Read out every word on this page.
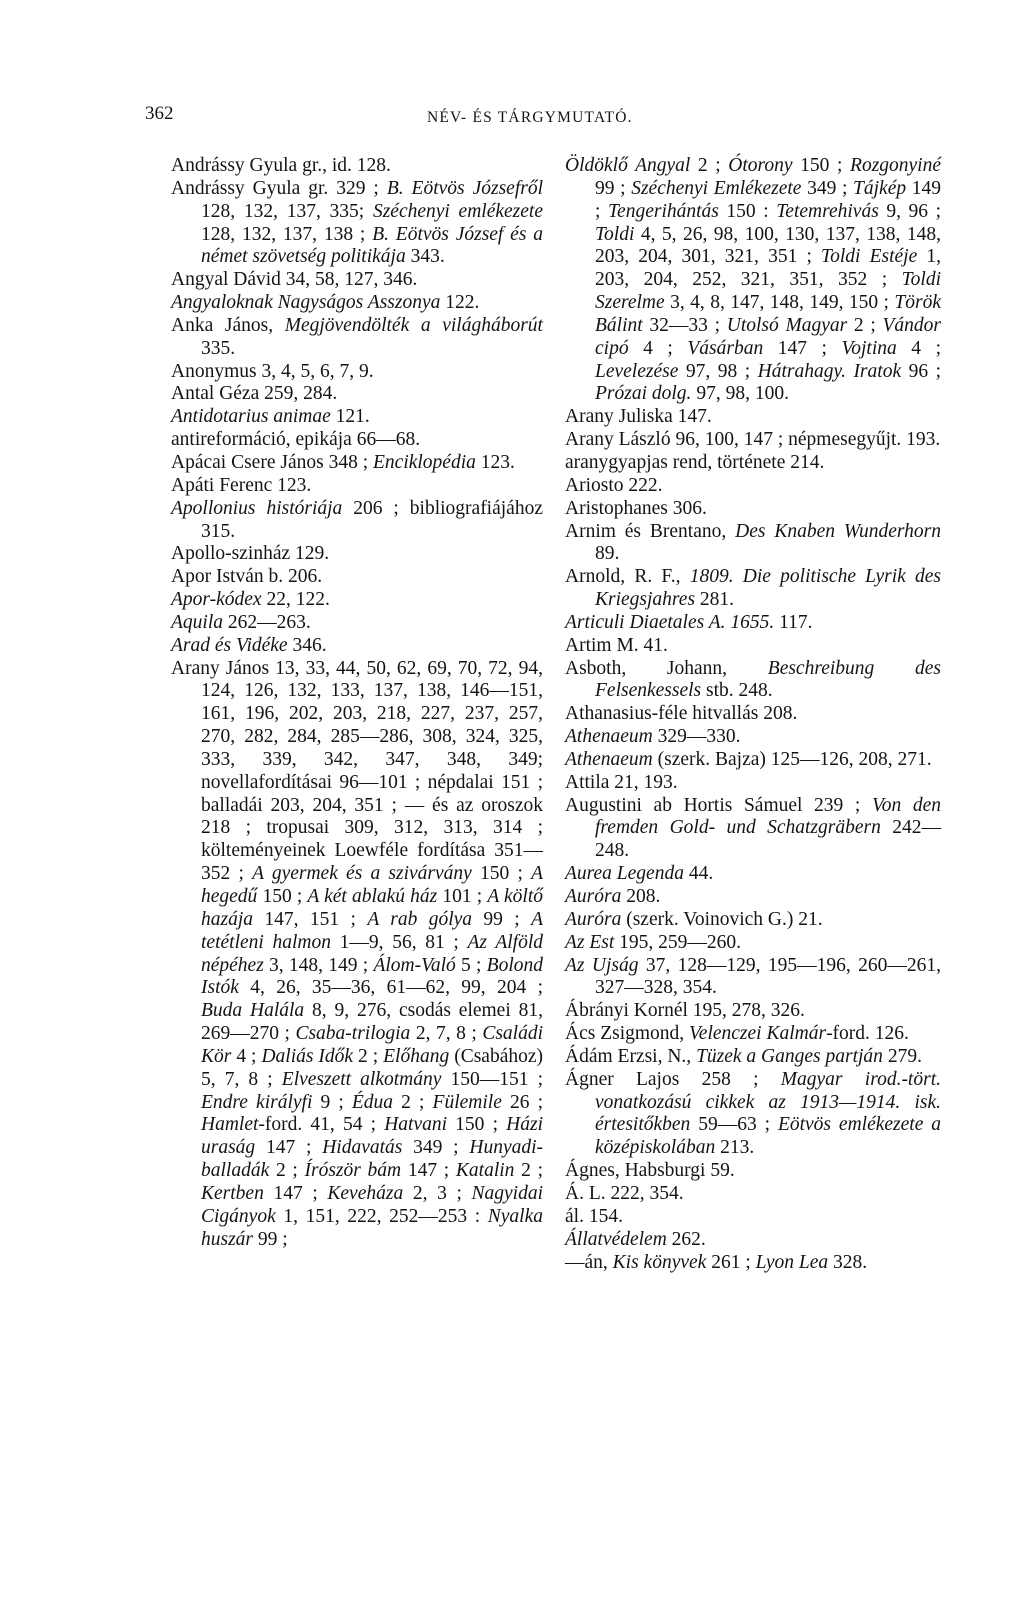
362	NÉV- ÉS TÁRGYMUTATÓ.

Andrássy Gyula gr., id. 128.

Andrássy Gyula gr. 329 ; B. Eötvös Józsefről 128, 132, 137, 335; Széchenyi emlékezete 128, 132, 137, 138 ; B. Eötvös József és a német szövetség politikája 343.

Angyal Dávid 34, 58, 127, 346.

Angyaloknak Nagyságos Asszonya 122.

Anka János, Megjövendölték a világháborút 335.

Anonymus 3, 4, 5, 6, 7, 9.

Antal Géza 259, 284.

Antidotarius animae 121.

antireformáció, epikája 66—68.

Apácai Csere János 348 ; Enciklopédia 123.

Apáti Ferenc 123.

Apollonius históriája 206 ; bibliografiájához 315.

Apollo-szinház 129.

Apor István b. 206.

Apor-kódex 22, 122.

Aquila 262—263.

Arad és Vidéke 346.

Arany János 13, 33, 44, 50, 62, 69, 70, 72, 94, 124, 126, 132, 133, 137, 138, 146—151, 161, 196, 202, 203, 218, 227, 237, 257, 270, 282, 284, 285—286, 308, 324, 325, 333, 339, 342, 347, 348, 349; novellafordításai 96—101 ; népdalai 151 ; balladái 203, 204, 351 ; — és az oroszok 218 ; tropusai 309, 312, 313, 314 ; költeményeinek Loewféle fordítása 351—352 ; A gyermek és a szivárvány 150 ; A hegedű 150 ; A két ablakú ház 101 ; A költő hazája 147, 151 ; A rab gólya 99 ; A tetétleni halmon 1—9, 56, 81 ; Az Alföld népéhez 3, 148, 149 ; Álom-Való 5 ; Bolond Istók 4, 26, 35—36, 61—62, 99, 204 ; Buda Halála 8, 9, 276, csodás elemei 81, 269—270 ; Csaba-trilogia 2, 7, 8 ; Családi Kör 4 ; Daliás Idők 2 ; Előhang (Csabához) 5, 7, 8 ; Elveszett alkotmány 150—151 ; Endre királyfi 9 ; Édua 2 ; Fülemile 26 ; Hamlet-ford. 41, 54 ; Hatvani 150 ; Házi uraság 147 ; Hidavatás 349 ; Hunyadi-balladák 2 ; Íróször bám 147 ; Katalin 2 ; Kertben 147 ; Keveháza 2, 3 ; Nagyidai Cigányok 1, 151, 222, 252—253 : Nyalka huszár 99 ;

Öldöklő Angyal 2 ; Ótorony 150 ; Rozgonyiné 99 ; Széchenyi Emlékezete 349 ; Tájkép 149 ; Tengerihántás 150 : Tetemrehivás 9, 96 ; Toldi 4, 5, 26, 98, 100, 130, 137, 138, 148, 203, 204, 301, 321, 351 ; Toldi Estéje 1, 203, 204, 252, 321, 351, 352 ; Toldi Szerelme 3, 4, 8, 147, 148, 149, 150 ; Török Bálint 32—33 ; Utolsó Magyar 2 ; Vándor cipó 4 ; Vásárban 147 ; Vojtina 4 ; Levelezése 97, 98 ; Hátrahagy. Iratok 96 ; Prózai dolg. 97, 98, 100.

Arany Juliska 147.

Arany László 96, 100, 147 ; népmesegyűjt. 193.

aranygyapjas rend, története 214.

Ariosto 222.

Aristophanes 306.

Arnim és Brentano, Des Knaben Wunderhorn 89.

Arnold, R. F., 1809. Die politische Lyrik des Kriegsjahres 281.

Articuli Diaetales A. 1655. 117.

Artim M. 41.

Asboth, Johann, Beschreibung des Felsenkessels stb. 248.

Athanasius-féle hitvallás 208.

Athenaeum 329—330.

Athenaeum (szerk. Bajza) 125—126, 208, 271.

Attila 21, 193.

Augustini ab Hortis Sámuel 239 ; Von den fremden Gold- und Schatzgräbern 242—248.

Aurea Legenda 44.

Auróra 208.

Auróra (szerk. Voinovich G.) 21.

Az Est 195, 259—260.

Az Ujság 37, 128—129, 195—196, 260—261, 327—328, 354.

Ábrányi Kornél 195, 278, 326.

Ács Zsigmond, Velenczei Kalmár-ford. 126.

Ádám Erzsi, N., Tüzek a Ganges partján 279.

Ágner Lajos 258 ; Magyar irod.-tört. vonatkozású cikkek az 1913—1914. isk. értesitőkben 59—63 ; Eötvös emlékezete a középiskolában 213.

Ágnes, Habsburgi 59.

Á. L. 222, 354.

ál. 154.

Állatvédelem 262.

—án, Kis könyvek 261 ; Lyon Lea 328.
